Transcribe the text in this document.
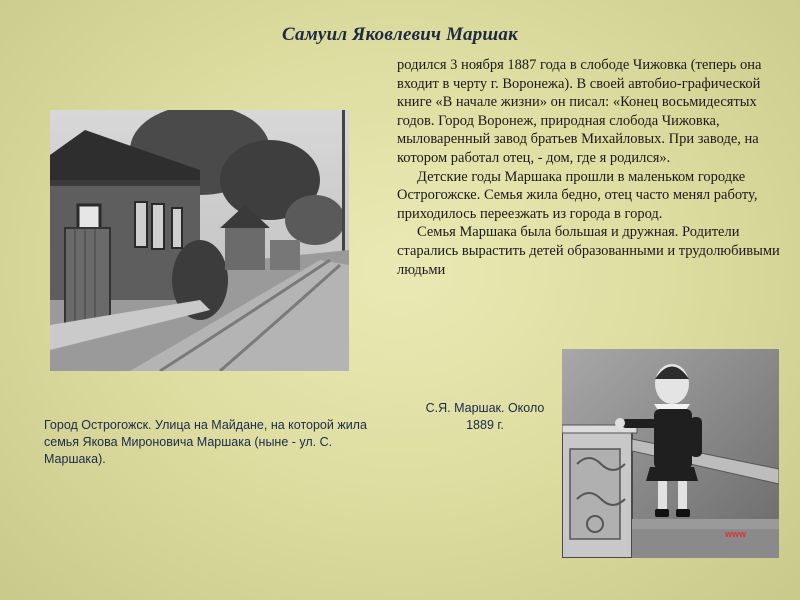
Самуил Яковлевич Маршак

родился 3 ноября 1887 года в слободе Чижовка (теперь она входит в черту г. Воронежа). В своей автобио-графической книге «В начале жизни» он писал: «Конец восьмидесятых годов. Город Воронеж, природная слобода Чижовка, мыловаренный завод братьев Михайловых. При заводе, на котором работал отец, - дом, где я родился».

Детские годы Маршака прошли в маленьком городке Острогожске. Семья жила бедно, отец часто менял работу, приходилось переезжать из города в город.

Семья Маршака была большая и дружная. Родители старались вырастить детей образованными и трудолюбивыми людьми

www
Город Острогожск. Улица на Майдане, на которой жила семья Якова Мироновича Маршака (ныне - ул. С. Маршака).
С.Я. Маршак. Около
1889 г.
